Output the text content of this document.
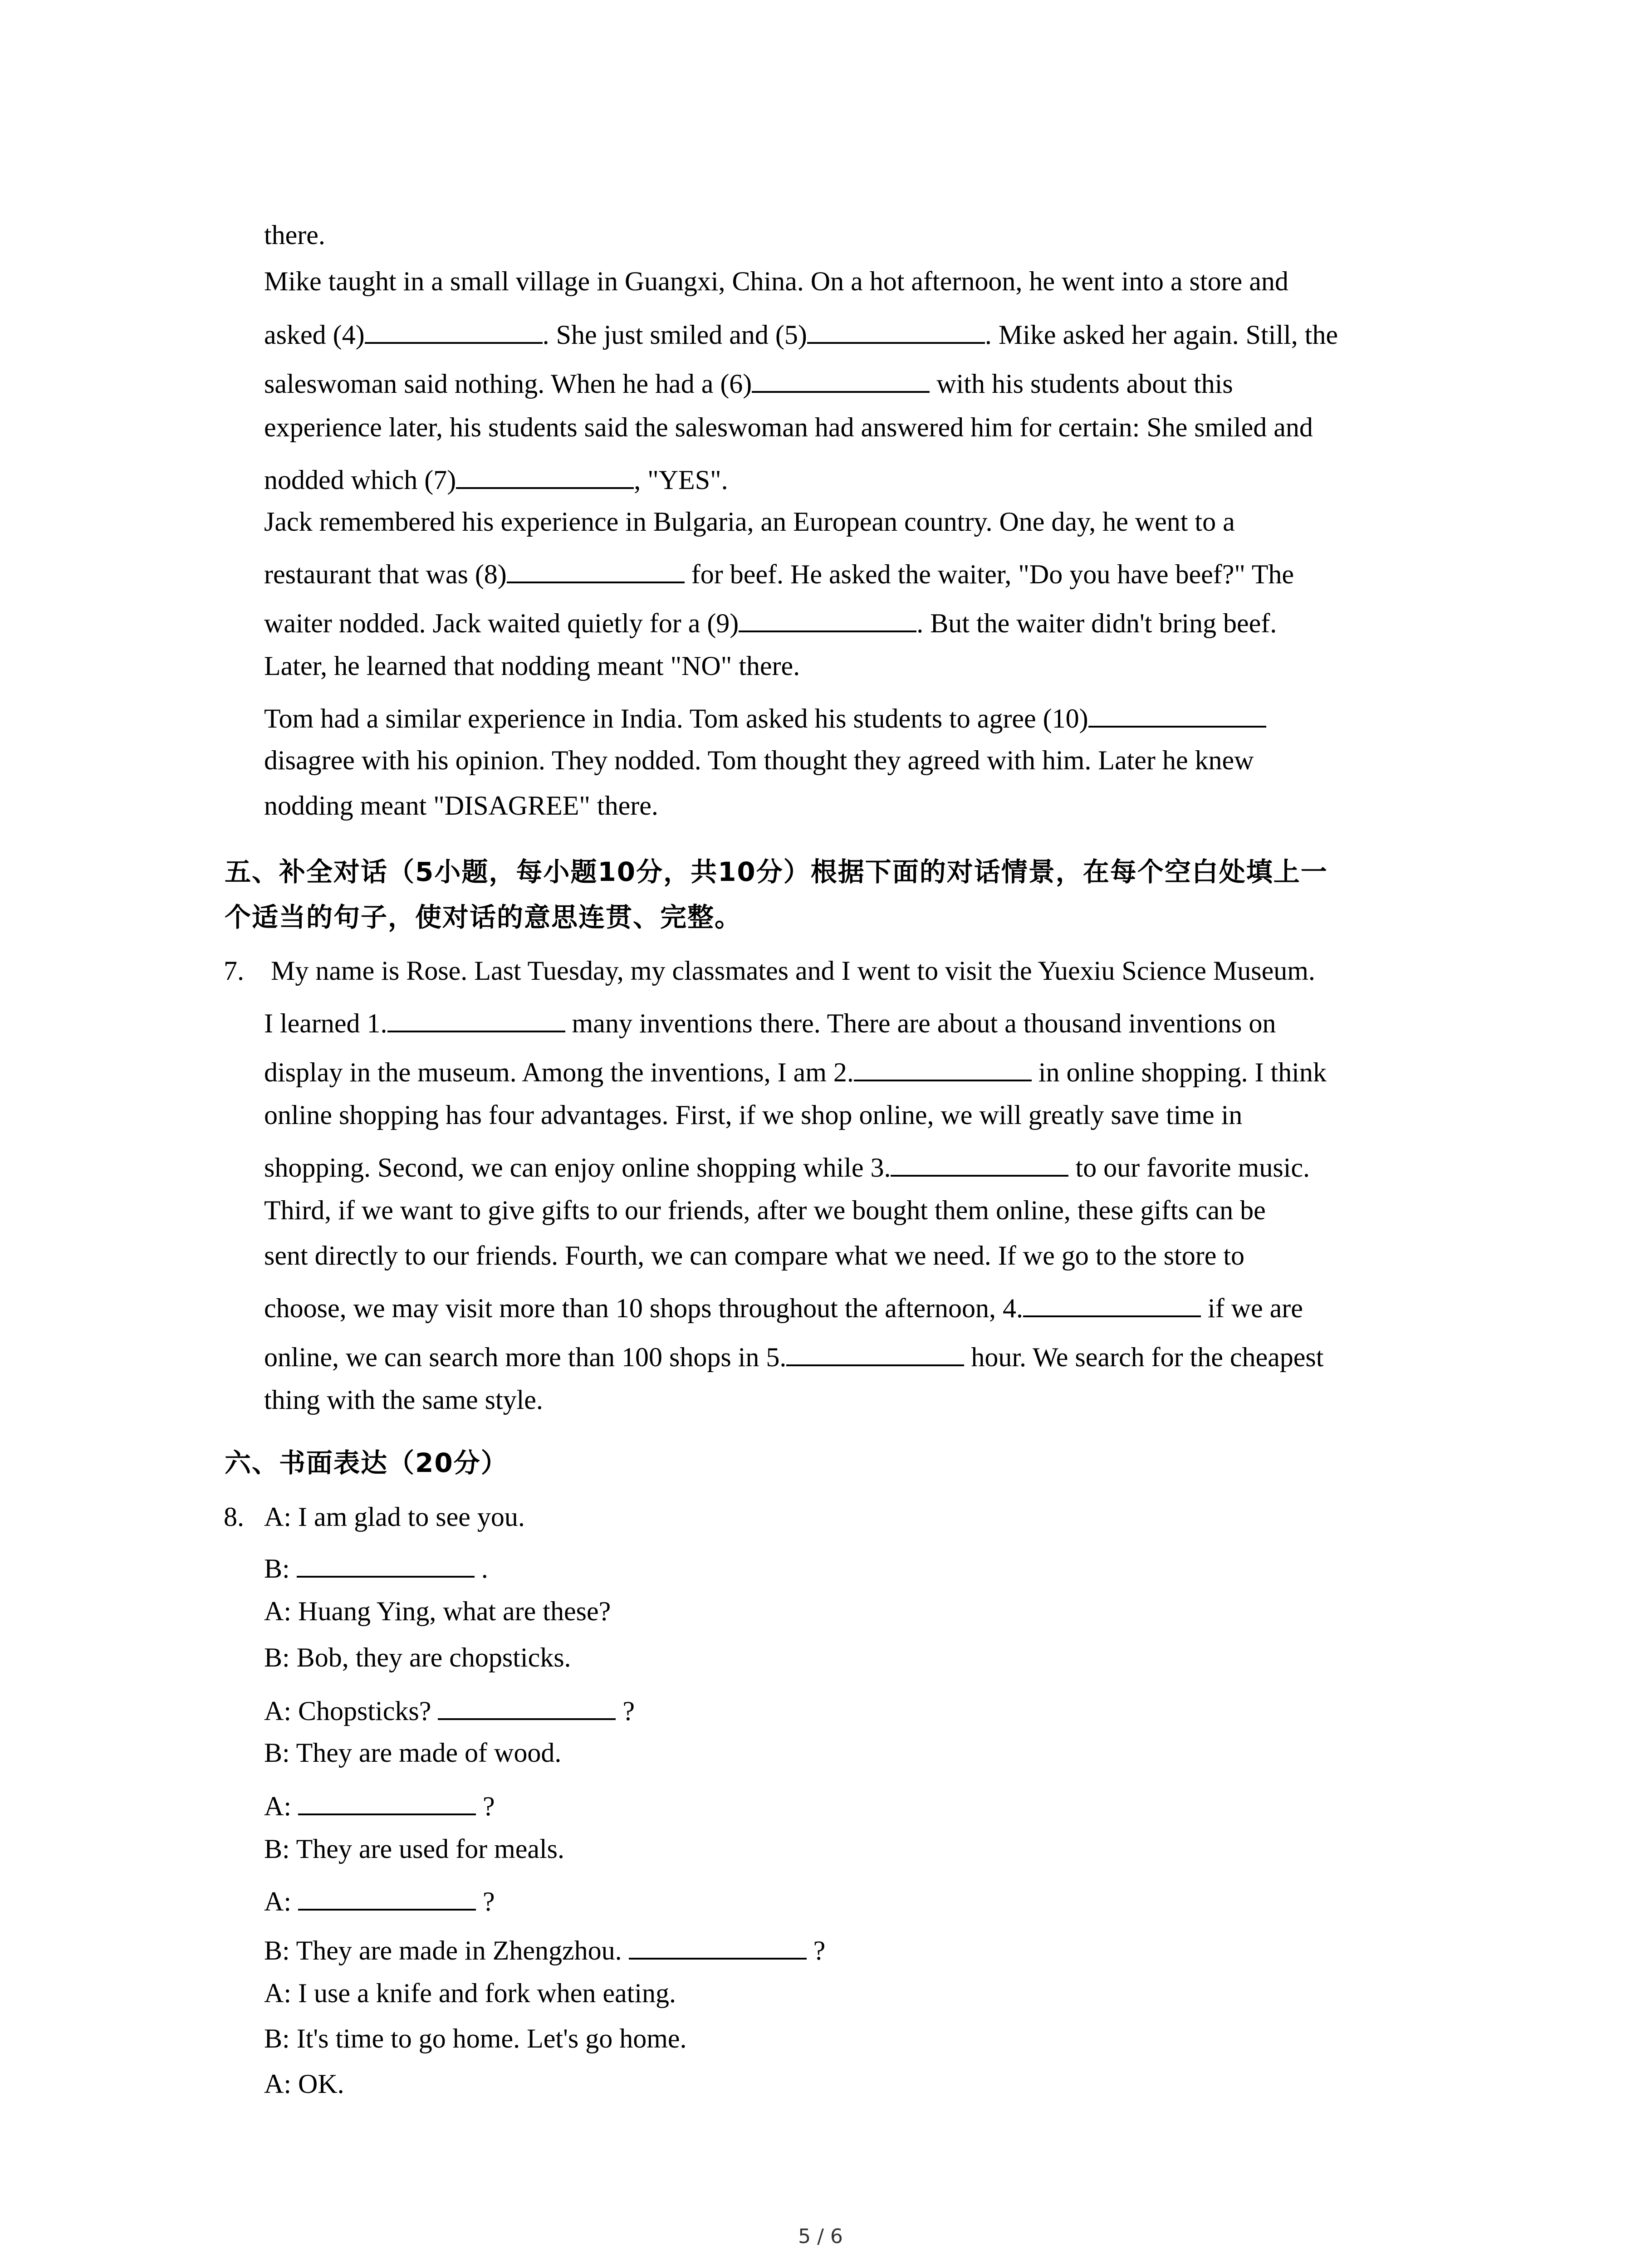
there.
Mike taught in a small village in Guangxi, China. On a hot afternoon, he went into a store and
asked (4)	. She just smiled and (5)	. Mike asked her again. Still, the
saleswoman said nothing. When he had a (6)	with his students about this
experience later, his students said the saleswoman had answered him for certain: She smiled and
nodded which (7)	, "YES".
Jack remembered his experience in Bulgaria, an European country. One day, he went to a
restaurant that was (8)	for beef. He asked the waiter, "Do you have beef?" The
waiter nodded. Jack waited quietly for a (9)	. But the waiter didn't bring beef.
Later, he learned that nodding meant "NO" there.
Tom had a similar experience in India. Tom asked his students to agree (10)
disagree with his opinion. They nodded. Tom thought they agreed with him. Later he knew
nodding meant "DISAGREE" there.
五、补全对话（5小题，每小题10分，共10分）根据下面的对话情景，在每个空白处填上一
个适当的句子，使对话的意思连贯、完整。
7. My name is Rose. Last Tuesday, my classmates and I went to visit the Yuexiu Science Museum.
I learned 1.	many inventions there. There are about a thousand inventions on
display in the museum. Among the inventions, I am 2.	in online shopping. I think
online shopping has four advantages. First, if we shop online, we will greatly save time in
shopping. Second, we can enjoy online shopping while 3.	to our favorite music.
Third, if we want to give gifts to our friends, after we bought them online, these gifts can be
sent directly to our friends. Fourth, we can compare what we need. If we go to the store to
choose, we may visit more than 10 shops throughout the afternoon, 4.	if we are
online, we can search more than 100 shops in 5.	hour. We search for the cheapest
thing with the same style.
六、书面表达（20分）
8. A: I am glad to see you.
B:	.
A: Huang Ying, what are these?
B: Bob, they are chopsticks.
A: Chopsticks?	?
B: They are made of wood.
A:	?
B: They are used for meals.
A:	?
B: They are made in Zhengzhou.	?
A: I use a knife and fork when eating.
B: It's time to go home. Let's go home.
A: OK.
5 / 6
